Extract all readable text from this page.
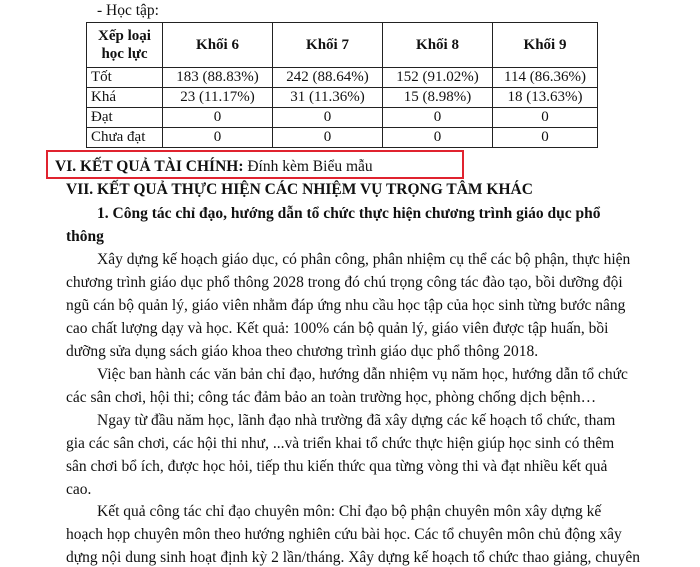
- Học tập:
Xếp loại
học lực	Khối 6	Khối 7	Khối 8	Khối 9
Tốt	183 (88.83%)	242 (88.64%)	152 (91.02%)	114 (86.36%)
Khá	23 (11.17%)	31 (11.36%)	15 (8.98%)	18 (13.63%)
Đạt	0	0	0	0
Chưa đạt	0	0	0	0
VI. KẾT QUẢ TÀI CHÍNH: Đính kèm Biểu mẫu
VII. KẾT QUẢ THỰC HIỆN CÁC NHIỆM VỤ TRỌNG TÂM KHÁC
1. Công tác chỉ đạo, hướng dẫn tổ chức thực hiện chương trình giáo dục phổ
thông
Xây dựng kế hoạch giáo dục, có phân công, phân nhiệm cụ thể các bộ phận, thực hiện
chương trình giáo dục phổ thông 2028 trong đó chú trọng công tác đào tạo, bồi dưỡng đội
ngũ cán bộ quản lý, giáo viên nhằm đáp ứng nhu cầu học tập của học sinh từng bước nâng
cao chất lượng dạy và học. Kết quả: 100% cán bộ quản lý, giáo viên được tập huấn, bồi
dưỡng sửa dụng sách giáo khoa theo chương trình giáo dục phổ thông 2018.
Việc ban hành các văn bản chỉ đạo, hướng dẫn nhiệm vụ năm học, hướng dẫn tổ chức
các sân chơi, hội thi; công tác đảm bảo an toàn trường học, phòng chống dịch bệnh…
Ngay từ đầu năm học, lãnh đạo nhà trường đã xây dựng các kế hoạch tổ chức, tham
gia các sân chơi, các hội thi như, ...và triển khai tổ chức thực hiện giúp học sinh có thêm
sân chơi bổ ích, được học hỏi, tiếp thu kiến thức qua từng vòng thi và đạt nhiều kết quả
cao.
Kết quả công tác chỉ đạo chuyên môn: Chỉ đạo bộ phận chuyên môn xây dựng kế
hoạch họp chuyên môn theo hướng nghiên cứu bài học. Các tổ chuyên môn chủ động xây
dựng nội dung sinh hoạt định kỳ 2 lần/tháng. Xây dựng kế hoạch tổ chức thao giảng, chuyên
